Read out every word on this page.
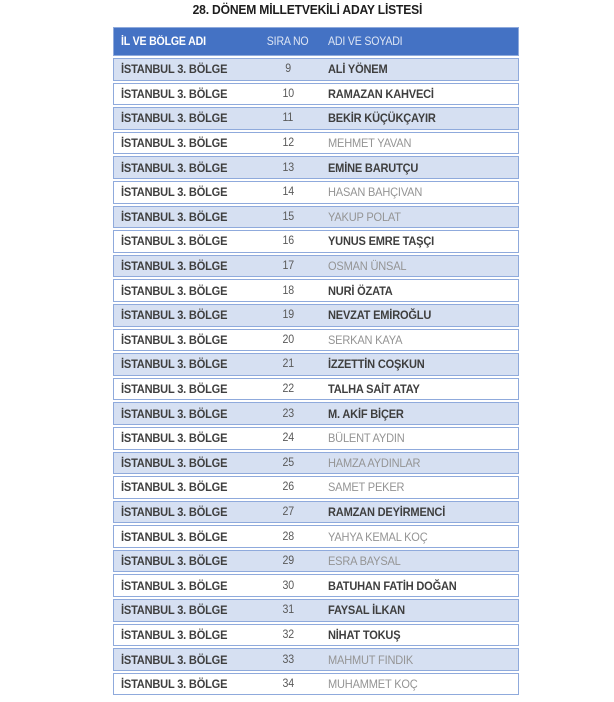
28. DÖNEM MİLLETVEKİLİ ADAY LİSTESİ
İL VE BÖLGE ADI	SIRA NO	ADI VE SOYADI
İSTANBUL 3. BÖLGE	9	ALİ YÖNEM
İSTANBUL 3. BÖLGE	10	RAMAZAN KAHVECİ
İSTANBUL 3. BÖLGE	11	BEKİR KÜÇÜKÇAYIR
İSTANBUL 3. BÖLGE	12	MEHMET YAVAN
İSTANBUL 3. BÖLGE	13	EMİNE BARUTÇU
İSTANBUL 3. BÖLGE	14	HASAN BAHÇIVAN
İSTANBUL 3. BÖLGE	15	YAKUP POLAT
İSTANBUL 3. BÖLGE	16	YUNUS EMRE TAŞÇI
İSTANBUL 3. BÖLGE	17	OSMAN ÜNSAL
İSTANBUL 3. BÖLGE	18	NURİ ÖZATA
İSTANBUL 3. BÖLGE	19	NEVZAT EMİROĞLU
İSTANBUL 3. BÖLGE	20	SERKAN KAYA
İSTANBUL 3. BÖLGE	21	İZZETTİN COŞKUN
İSTANBUL 3. BÖLGE	22	TALHA SAİT ATAY
İSTANBUL 3. BÖLGE	23	M. AKİF BİÇER
İSTANBUL 3. BÖLGE	24	BÜLENT AYDIN
İSTANBUL 3. BÖLGE	25	HAMZA AYDINLAR
İSTANBUL 3. BÖLGE	26	SAMET PEKER
İSTANBUL 3. BÖLGE	27	RAMZAN DEYİRMENCİ
İSTANBUL 3. BÖLGE	28	YAHYA KEMAL KOÇ
İSTANBUL 3. BÖLGE	29	ESRA BAYSAL
İSTANBUL 3. BÖLGE	30	BATUHAN FATİH DOĞAN
İSTANBUL 3. BÖLGE	31	FAYSAL İLKAN
İSTANBUL 3. BÖLGE	32	NİHAT TOKUŞ
İSTANBUL 3. BÖLGE	33	MAHMUT FINDIK
İSTANBUL 3. BÖLGE	34	MUHAMMET KOÇ
